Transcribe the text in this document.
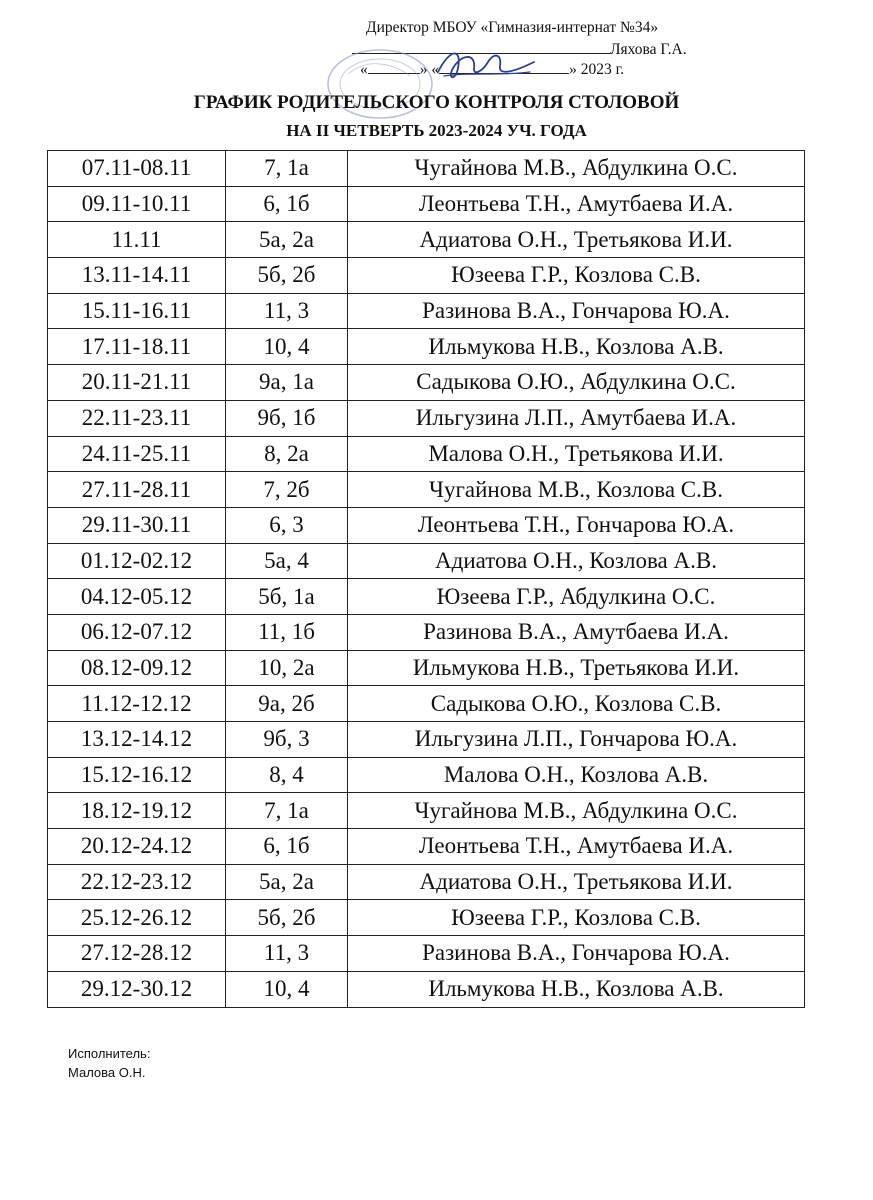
Директор МБОУ «Гимназия-интернат №34»
Ляхова Г.А.
«	» «	» 2023 г.
ГРАФИК РОДИТЕЛЬСКОГО КОНТРОЛЯ СТОЛОВОЙ
НА II ЧЕТВЕРТЬ 2023-2024 УЧ. ГОДА
07.11-08.11	7, 1а	Чугайнова М.В., Абдулкина О.С.
09.11-10.11	6, 1б	Леонтьева Т.Н., Амутбаева И.А.
11.11	5а, 2а	Адиатова О.Н., Третьякова И.И.
13.11-14.11	5б, 2б	Юзеева Г.Р., Козлова С.В.
15.11-16.11	11, 3	Разинова В.А., Гончарова Ю.А.
17.11-18.11	10, 4	Ильмукова Н.В., Козлова А.В.
20.11-21.11	9а, 1а	Садыкова О.Ю., Абдулкина О.С.
22.11-23.11	9б, 1б	Ильгузина Л.П., Амутбаева И.А.
24.11-25.11	8, 2а	Малова О.Н., Третьякова И.И.
27.11-28.11	7, 2б	Чугайнова М.В., Козлова С.В.
29.11-30.11	6, 3	Леонтьева Т.Н., Гончарова Ю.А.
01.12-02.12	5а, 4	Адиатова О.Н., Козлова А.В.
04.12-05.12	5б, 1а	Юзеева Г.Р., Абдулкина О.С.
06.12-07.12	11, 1б	Разинова В.А., Амутбаева И.А.
08.12-09.12	10, 2а	Ильмукова Н.В., Третьякова И.И.
11.12-12.12	9а, 2б	Садыкова О.Ю., Козлова С.В.
13.12-14.12	9б, 3	Ильгузина Л.П., Гончарова Ю.А.
15.12-16.12	8, 4	Малова О.Н., Козлова А.В.
18.12-19.12	7, 1а	Чугайнова М.В., Абдулкина О.С.
20.12-24.12	6, 1б	Леонтьева Т.Н., Амутбаева И.А.
22.12-23.12	5а, 2а	Адиатова О.Н., Третьякова И.И.
25.12-26.12	5б, 2б	Юзеева Г.Р., Козлова С.В.
27.12-28.12	11, 3	Разинова В.А., Гончарова Ю.А.
29.12-30.12	10, 4	Ильмукова Н.В., Козлова А.В.
Исполнитель:
Малова О.Н.
